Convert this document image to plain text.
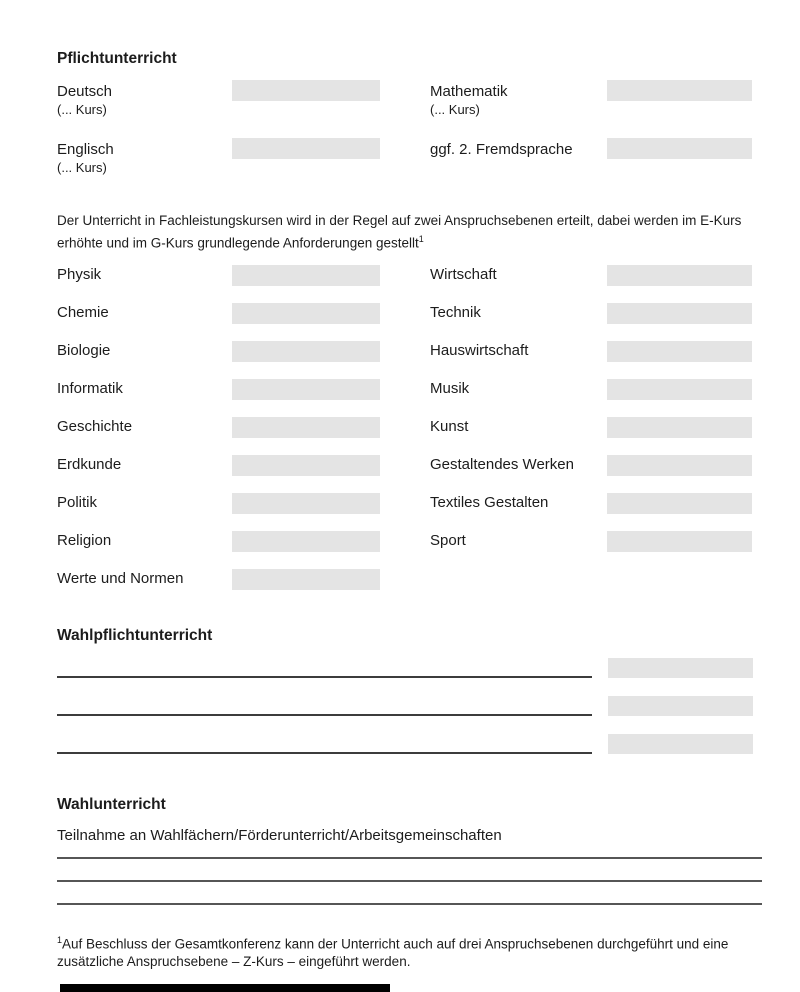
Pflichtunterricht
Deutsch
(... Kurs)
Englisch
(... Kurs)
Mathematik
(... Kurs)
ggf. 2. Fremdsprache

Der Unterricht in Fachleistungskursen wird in der Regel auf zwei Anspruchsebenen erteilt, dabei werden im E-Kurs erhöhte und im G-Kurs grundlegende Anforderungen gestellt$^1$

Physik
Chemie
Biologie
Informatik
Geschichte
Erdkunde
Politik
Religion
Werte und Normen
Wirtschaft
Technik
Hauswirtschaft
Musik
Kunst
Gestaltendes Werken
Textiles Gestalten
Sport
Wahlpflichtunterricht
Wahlunterricht

Teilnahme an Wahlfächern/Förderunterricht/Arbeitsgemeinschaften

$^1$Auf Beschluss der Gesamtkonferenz kann der Unterricht auch auf drei Anspruchsebenen durchgeführt und eine zusätzliche Anspruchsebene – Z-Kurs – eingeführt werden.
